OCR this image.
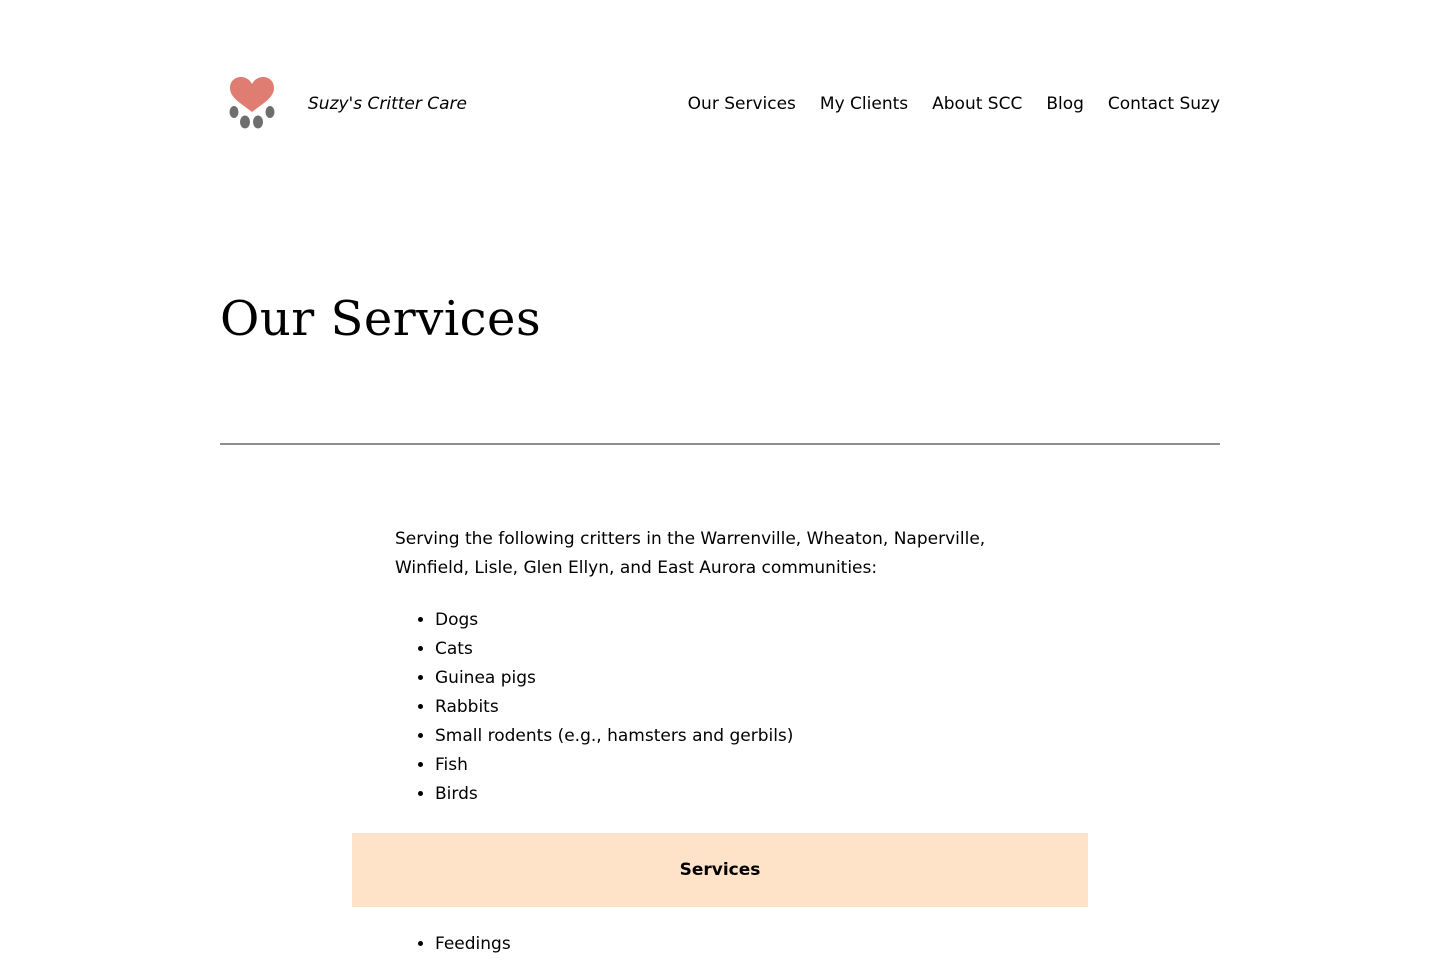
Suzy's Critter Care	Our Services My Clients About SCC Blog Contact Suzy
Our Services

Serving the following critters in the Warrenville, Wheaton, Naperville, Winfield, Lisle, Glen Ellyn, and East Aurora communities:

• Dogs
• Cats
• Guinea pigs
• Rabbits
• Small rodents (e.g., hamsters and gerbils)
• Fish
• Birds
Services
• Feedings
